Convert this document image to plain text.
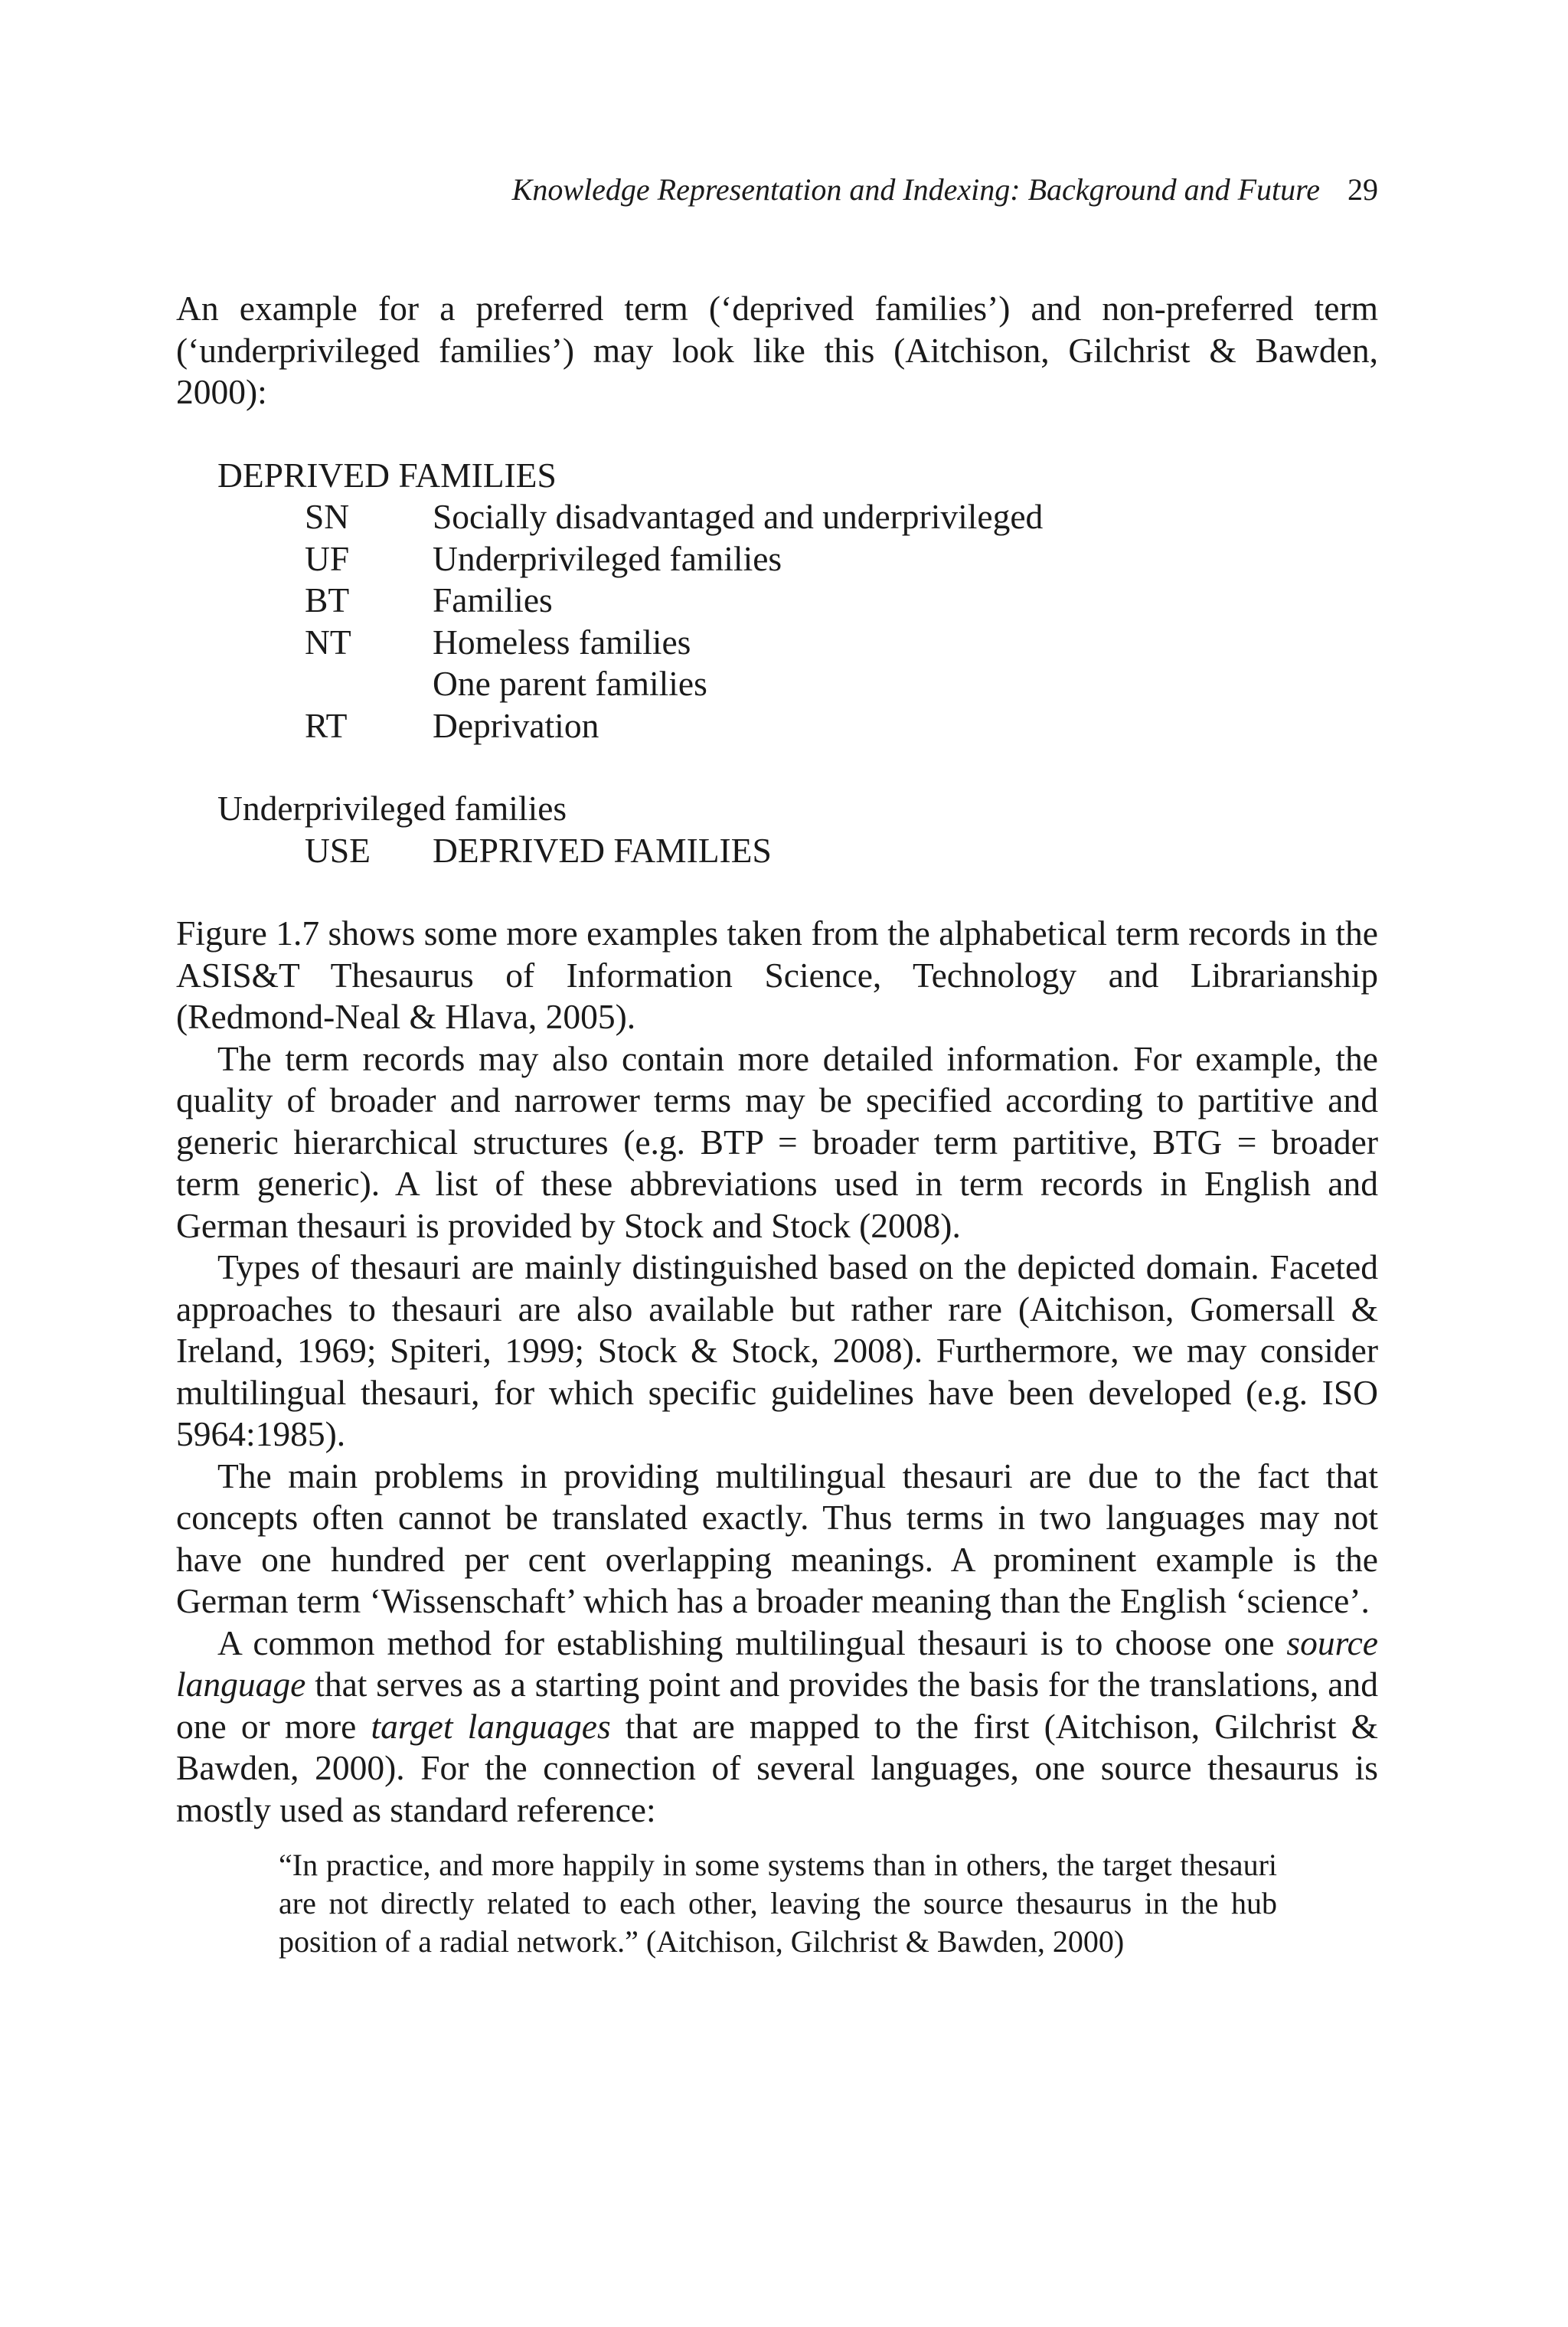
Knowledge Representation and Indexing: Background and Future 29

An example for a preferred term (‘deprived families’) and non-preferred term (‘underprivileged families’) may look like this (Aitchison, Gilchrist & Bawden, 2000):

DEPRIVED FAMILIES
SN	Socially disadvantaged and underprivileged
UF	Underprivileged families
BT	Families
NT	Homeless families
One parent families
RT	Deprivation
Underprivileged families
USE	DEPRIVED FAMILIES

Figure 1.7 shows some more examples taken from the alphabetical term records in the ASIS&T Thesaurus of Information Science, Technology and Librarianship (Redmond-Neal & Hlava, 2005).

The term records may also contain more detailed information. For example, the quality of broader and narrower terms may be specified according to partitive and generic hierarchical structures (e.g. BTP = broader term partitive, BTG = broader term generic). A list of these abbreviations used in term records in English and German thesauri is provided by Stock and Stock (2008).

Types of thesauri are mainly distinguished based on the depicted domain. Faceted approaches to thesauri are also available but rather rare (Aitchison, Gomersall & Ireland, 1969; Spiteri, 1999; Stock & Stock, 2008). Furthermore, we may consider multilingual thesauri, for which specific guidelines have been developed (e.g. ISO 5964:1985).

The main problems in providing multilingual thesauri are due to the fact that concepts often cannot be translated exactly. Thus terms in two languages may not have one hundred per cent overlapping meanings. A prominent example is the German term ‘Wissenschaft’ which has a broader meaning than the English ‘science’.

A common method for establishing multilingual thesauri is to choose one source language that serves as a starting point and provides the basis for the translations, and one or more target languages that are mapped to the first (Aitchison, Gilchrist & Bawden, 2000). For the connection of several languages, one source thesaurus is mostly used as standard reference:

“In practice, and more happily in some systems than in others, the target thesauri are not directly related to each other, leaving the source thesaurus in the hub position of a radial network.” (Aitchison, Gilchrist & Bawden, 2000)
